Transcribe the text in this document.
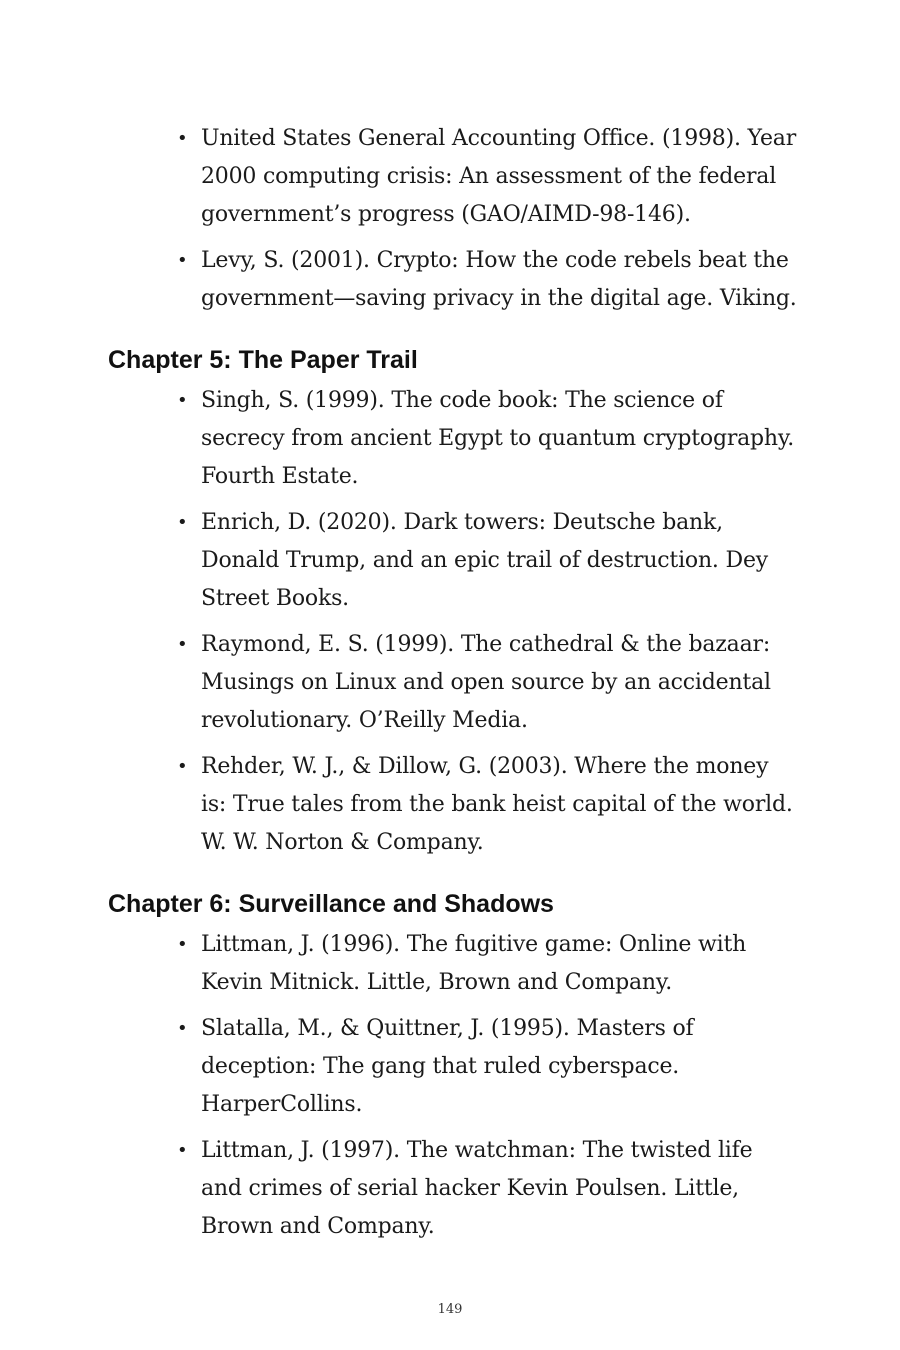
• United States General Accounting Office. (1998). Year 2000 computing crisis: An assessment of the federal government’s progress (GAO/AIMD-98-146).
• Levy, S. (2001). Crypto: How the code rebels beat the government—saving privacy in the digital age. Viking.
Chapter 5: The Paper Trail
• Singh, S. (1999). The code book: The science of secrecy from ancient Egypt to quantum cryptography. Fourth Estate.
• Enrich, D. (2020). Dark towers: Deutsche bank, Donald Trump, and an epic trail of destruction. Dey Street Books.
• Raymond, E. S. (1999). The cathedral & the bazaar: Musings on Linux and open source by an accidental revolutionary. O’Reilly Media.
• Rehder, W. J., & Dillow, G. (2003). Where the money is: True tales from the bank heist capital of the world. W. W. Norton & Company.
Chapter 6: Surveillance and Shadows
• Littman, J. (1996). The fugitive game: Online with Kevin Mitnick. Little, Brown and Company.
• Slatalla, M., & Quittner, J. (1995). Masters of deception: The gang that ruled cyberspace. HarperCollins.
• Littman, J. (1997). The watchman: The twisted life and crimes of serial hacker Kevin Poulsen. Little, Brown and Company.
149
